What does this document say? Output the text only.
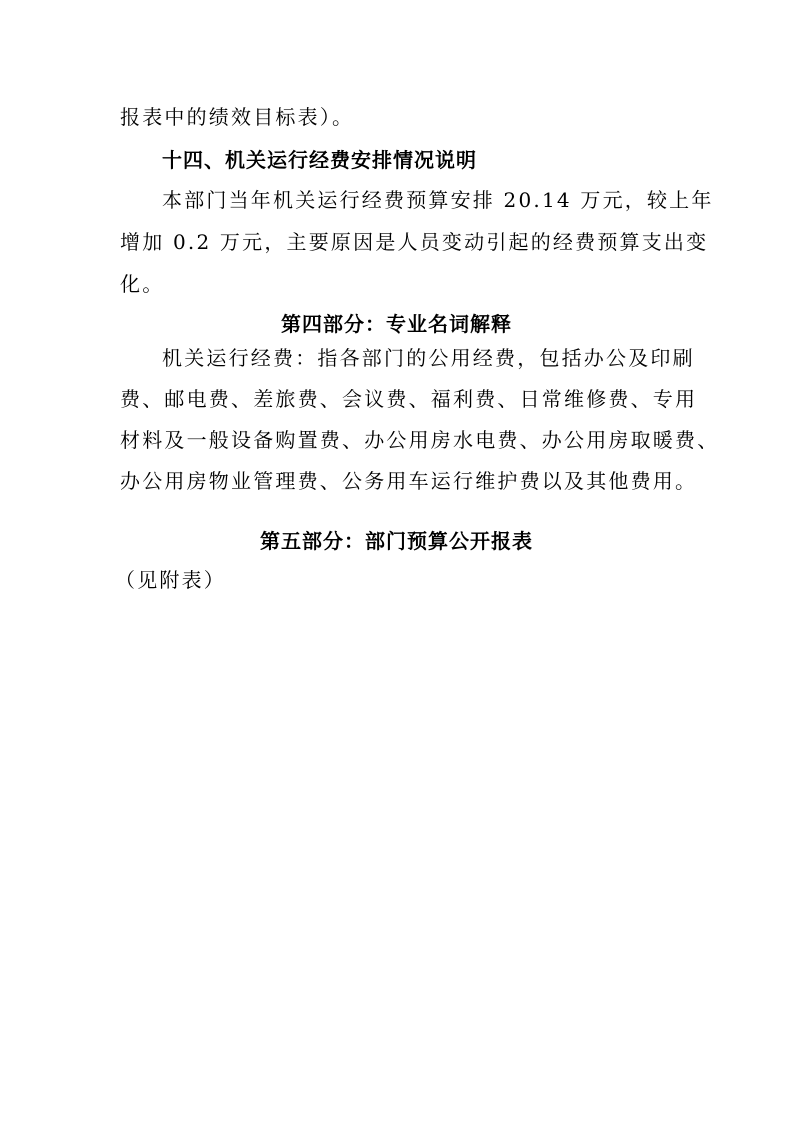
报表中的绩效目标表）。
十四、机关运行经费安排情况说明
本部门当年机关运行经费预算安排 20.14 万元，较上年
增加 0.2 万元，主要原因是人员变动引起的经费预算支出变
化。
第四部分：专业名词解释
机关运行经费：指各部门的公用经费，包括办公及印刷
费、邮电费、差旅费、会议费、福利费、日常维修费、专用
材料及一般设备购置费、办公用房水电费、办公用房取暖费、
办公用房物业管理费、公务用车运行维护费以及其他费用。
第五部分：部门预算公开报表
（见附表）
